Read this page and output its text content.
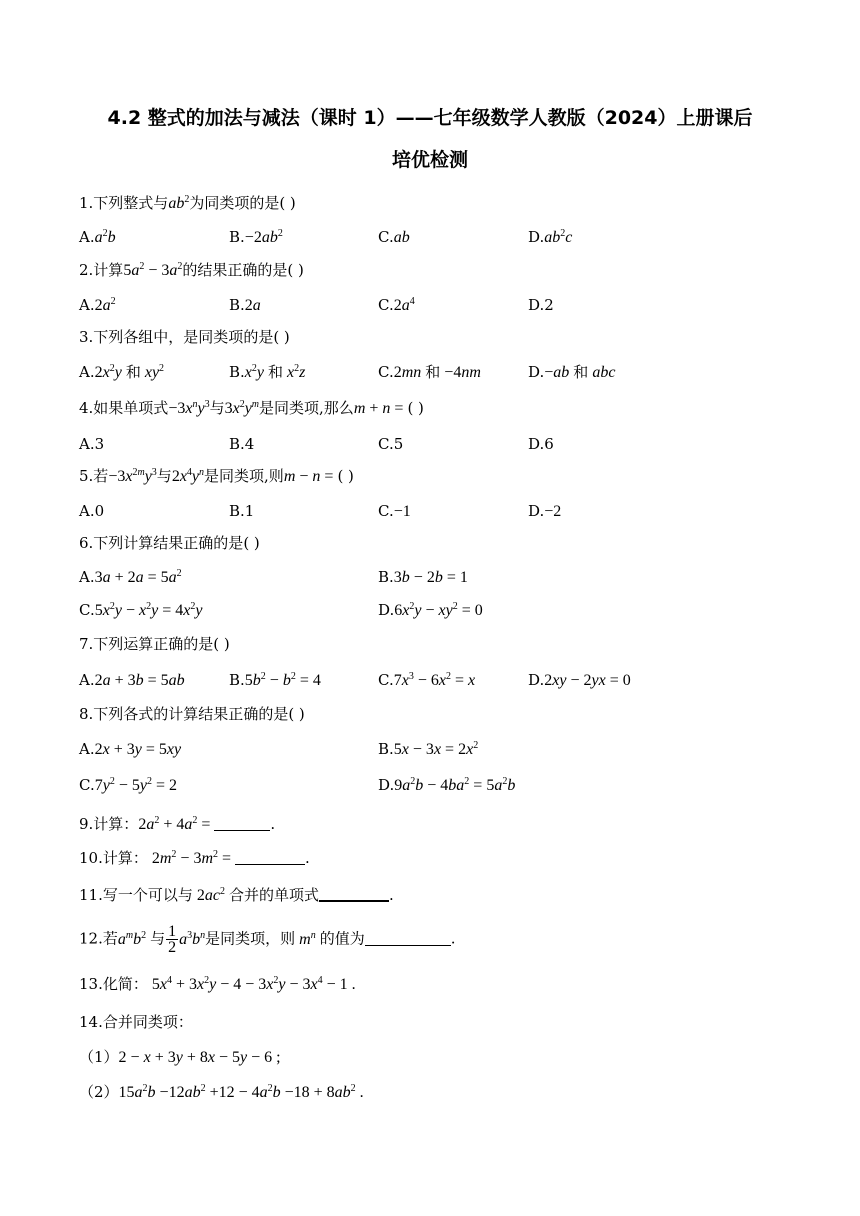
4.2 整式的加法与减法（课时 1）——七年级数学人教版（2024）上册课后
培优检测
1.下列整式与$ab^2$为同类项的是( )
$A.a^2b$	$B.-2ab^2$	C.ab	$D.ab^2c$
2.计算$5a^2 - 3a^2$的结果正确的是( )
$A.2a^2$	B.2a	$C.2a^4$	D.2
3.下列各组中，是同类项的是( )
$A.2x^2y$ 和 $xy^2$	$B.x^2y$ 和 $x^2z$	C.2mn 和 −4nm	D.−ab 和 abc
4.如果单项式$-3x^ny^3$与$3x^2y^m$是同类项,那么m + n = ( )
A.3	B.4	C.5	D.6
5.若$-3x^{2m}y^3$与$2x^4y^n$是同类项,则m − n = ( )
A.0	B.1	C.−1	D.−2
6.下列计算结果正确的是( )
$A.3a + 2a = 5a^2$	B.3b − 2b = 1
$C.5x^2y - x^2y = 4x^2y$	$D.6x^2y - xy^2 = 0$
7.下列运算正确的是( )
A.2a + 3b = 5ab	$B.5b^2 - b^2 = 4$	$C.7x^3 - 6x^2 = x$	D.2xy − 2yx = 0
8.下列各式的计算结果正确的是( )
A.2x + 3y = 5xy	$B.5x - 3x = 2x^2$
$C.7y^2 - 5y^2 = 2$	$D.9a^2b - 4ba^2 = 5a^2b$
9.计算：$2a^2 + 4a^2$ =	.
10.计算： $2m^2 - 3m^2$ =	.
11.写一个可以与 $2ac^2$ 合并的单项式	.
12.若$a^mb^2$ 与 $\frac{1}{2} a^3b^n$是同类项，则 $m^n$ 的值为	.
13.化简： $5x^4 + 3x^2y - 4 - 3x^2y - 3x^4 - 1$ .
14.合并同类项：
（1）2 − x + 3y + 8x − 5y − 6 ;
$(2)15a^2b -12ab^2 +12 - 4a^2b -18 + 8ab^2$ .
